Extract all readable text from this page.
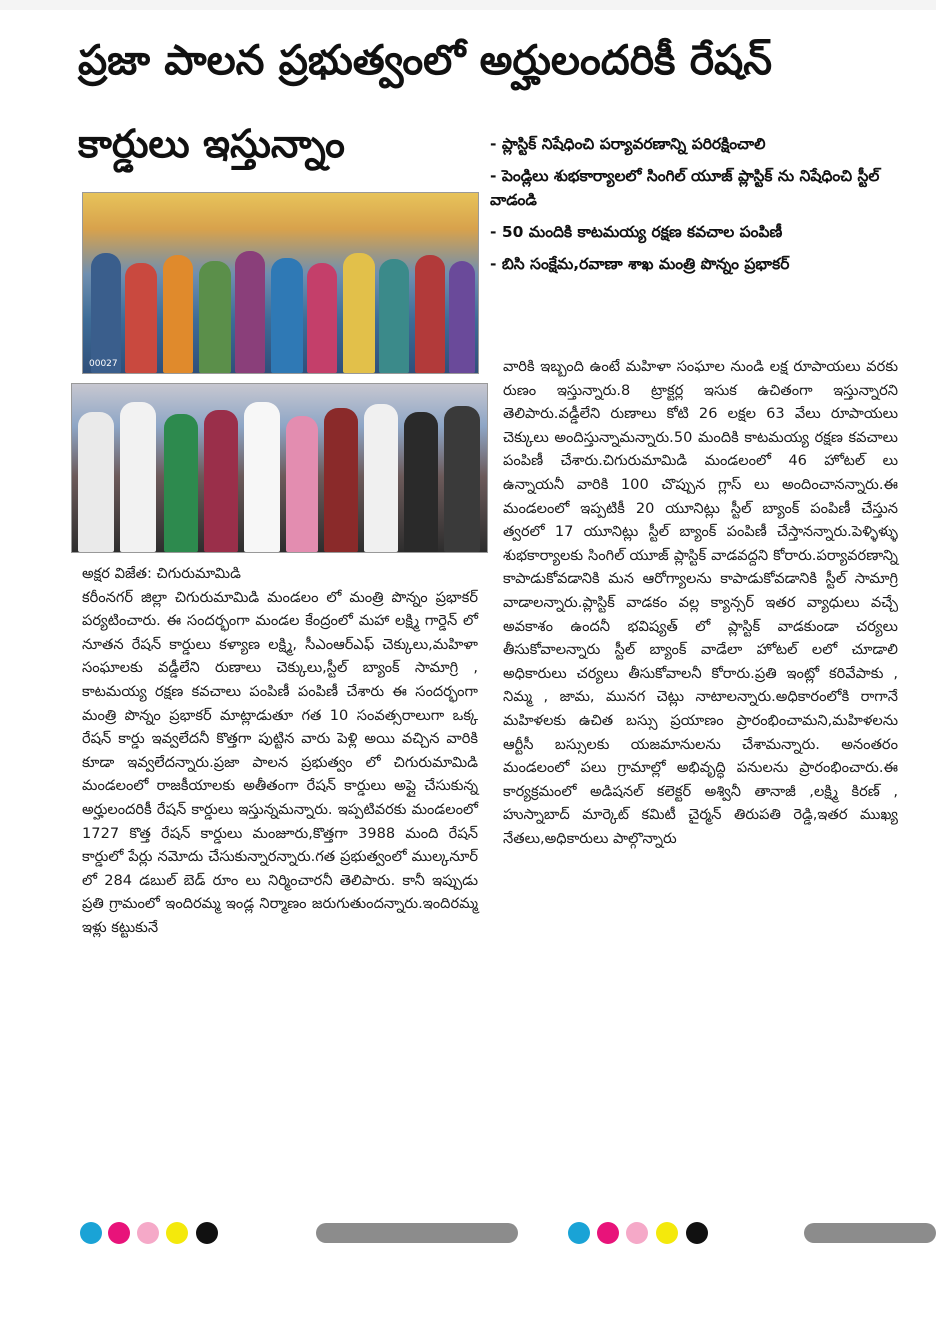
ప్రజా పాలన ప్రభుత్వంలో అర్హులందరికీ రేషన్
కార్డులు ఇస్తున్నాం	- ప్లాస్టిక్ నిషేధించి పర్యావరణాన్ని పరిరక్షించాలి
- పెండ్లిలు శుభకార్యాలలో సింగిల్ యూజ్ ప్లాస్టిక్ ను నిషేధించి స్టీల్ వాడండి
- 50 మందికి కాటమయ్య రక్షణ కవచాల పంపిణీ
- బిసి సంక్షేమ,రవాణా శాఖ మంత్రి పొన్నం ప్రభాకర్
00027
అక్షర విజేత: చిగురుమామిడి
కరీంనగర్ జిల్లా చిగురుమామిడి మండలం లో మంత్రి పొన్నం ప్రభాకర్ పర్యటించారు. ఈ సందర్భంగా మండల కేంద్రంలో మహా లక్ష్మి గార్డెన్ లో నూతన రేషన్ కార్డులు కళ్యాణ లక్ష్మి, సీఎంఆర్ఎఫ్ చెక్కులు,మహిళా సంఘాలకు వడ్డీలేని రుణాలు చెక్కులు,స్టీల్ బ్యాంక్ సామాగ్రి , కాటమయ్య రక్షణ కవచాలు పంపిణీ పంపిణీ చేశారు ఈ సందర్భంగా మంత్రి పొన్నం ప్రభాకర్ మాట్లాడుతూ గత 10 సంవత్సరాలుగా ఒక్క రేషన్ కార్డు ఇవ్వలేదనీ కొత్తగా పుట్టిన వారు పెళ్లి అయి వచ్చిన వారికి కూడా ఇవ్వలేదన్నారు.ప్రజా పాలన ప్రభుత్వం లో చిగురుమామిడి మండలంలో రాజకీయాలకు అతీతంగా రేషన్ కార్డులు అప్లై చేసుకున్న అర్హులందరికీ రేషన్ కార్డులు ఇస్తున్నమన్నారు. ఇప్పటివరకు మండలంలో 1727 కొత్త రేషన్ కార్డులు మంజూరు,కొత్తగా 3988 మంది రేషన్ కార్డులో పేర్లు నమోదు చేసుకున్నారన్నారు.గత ప్రభుత్వంలో ముల్కనూర్ లో 284 డబుల్ బెడ్ రూం లు నిర్మించారనీ తెలిపారు. కానీ ఇప్పుడు ప్రతి గ్రామంలో ఇందిరమ్మ ఇండ్ల నిర్మాణం జరుగుతుందన్నారు.ఇందిరమ్మ ఇళ్లు కట్టుకునే
వారికి ఇబ్బంది ఉంటే మహిళా సంఘాల నుండి లక్ష రూపాయలు వరకు రుణం ఇస్తున్నారు.8 ట్రాక్టర్ల ఇసుక ఉచితంగా ఇస్తున్నారని తెలిపారు.వడ్డీలేని రుణాలు కోటి 26 లక్షల 63 వేలు రూపాయలు చెక్కులు అందిస్తున్నామన్నారు.50 మందికి కాటమయ్య రక్షణ కవచాలు పంపిణీ చేశారు.చిగురుమామిడి మండలంలో 46 హోటల్ లు ఉన్నాయనీ వారికి 100 చొప్పున గ్లాస్ లు అందించానన్నారు.ఈ మండలంలో ఇప్పటికీ 20 యూనిట్లు స్టీల్ బ్యాంక్ పంపిణీ చేస్తున త్వరలో 17 యూనిట్లు స్టీల్ బ్యాంక్ పంపిణీ చేస్తానన్నారు.పెళ్ళిళ్ళు శుభకార్యాలకు సింగిల్ యూజ్ ప్లాస్టిక్ వాడవద్దని కోరారు.పర్యావరణాన్ని కాపాడుకోవడానికి మన ఆరోగ్యాలను కాపాడుకోవడానికి స్టీల్ సామాగ్రి వాడాలన్నారు.ప్లాస్టిక్ వాడకం వల్ల క్యాన్సర్ ఇతర వ్యాధులు వచ్చే అవకాశం ఉందనీ భవిష్యత్ లో ప్లాస్టిక్ వాడకుండా చర్యలు తీసుకోవాలన్నారు స్టీల్ బ్యాంక్ వాడేలా హోటల్ లలో చూడాలి అధికారులు చర్యలు తీసుకోవాలనీ కోరారు.ప్రతి ఇంట్లో కరివేపాకు , నిమ్మ , జామ, మునగ చెట్లు నాటాలన్నారు.అధికారంలోకి రాగానే మహిళలకు ఉచిత బస్సు ప్రయాణం ప్రారంభించామని,మహిళలను ఆర్టీసీ బస్సులకు యజమానులను చేశామన్నారు. అనంతరం మండలంలో పలు గ్రామాల్లో అభివృద్ధి పనులను ప్రారంభించారు.ఈ కార్యక్రమంలో అడిషనల్ కలెక్టర్ అశ్వినీ తానాజీ ,లక్ష్మి కిరణ్ , హుస్నాబాద్ మార్కెట్ కమిటీ చైర్మన్ తిరుపతి రెడ్డి,ఇతర ముఖ్య నేతలు,అధికారులు పాల్గొన్నారు
